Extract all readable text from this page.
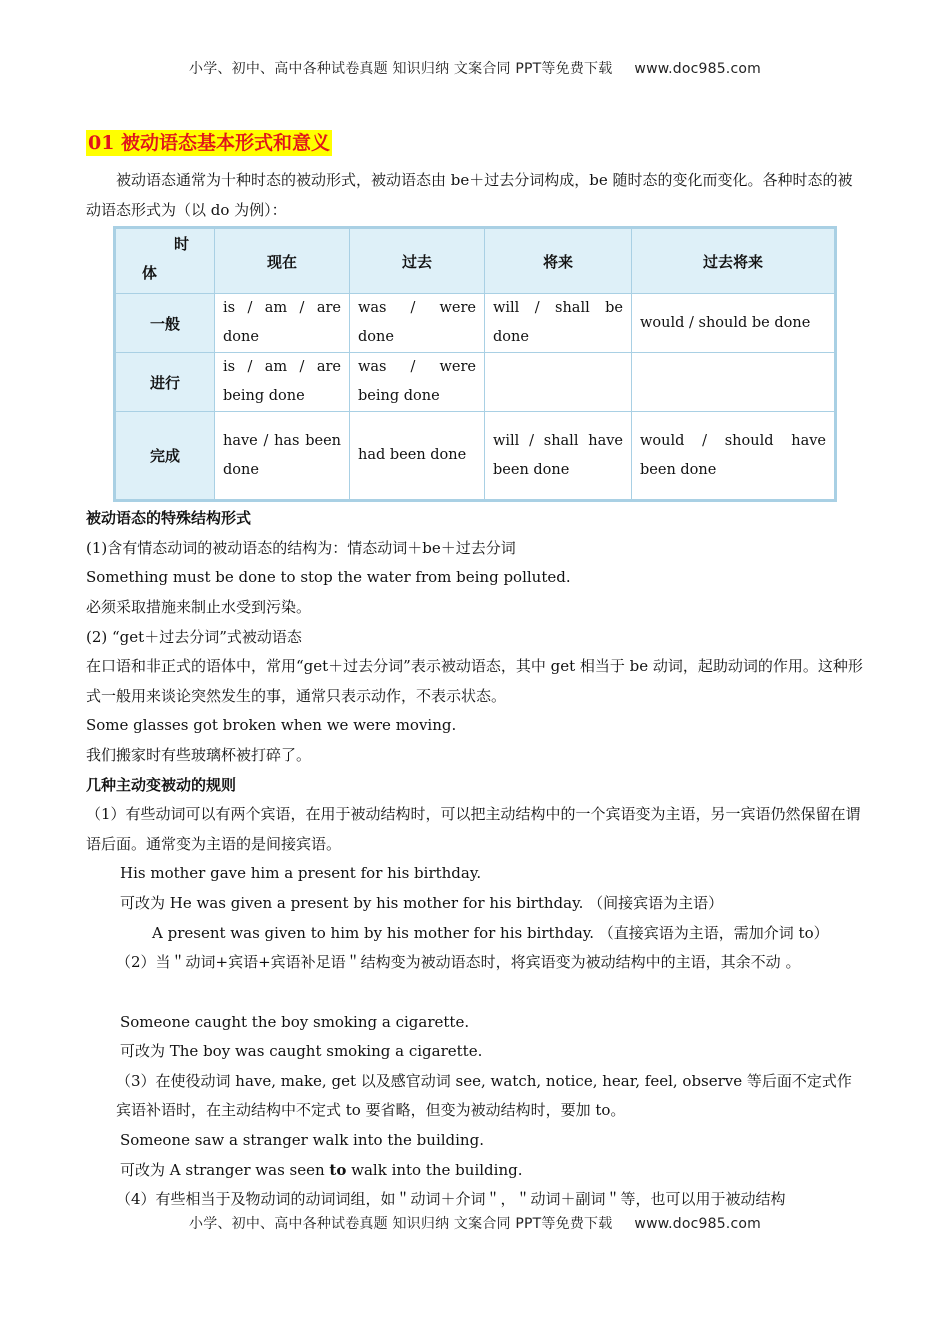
小学、初中、高中各种试卷真题 知识归纳 文案合同 PPT等免费下载 www.doc985.com
01 被动语态基本形式和意义

被动语态通常为十种时态的被动形式，被动语态由 be＋过去分词构成，be 随时态的变化而变化。各种时态的被动语态形式为（以 do 为例）：

时
体	现在	过去	将来	过去将来
一般	is / am / are done	was / were done	will / shall be done	would / should be done
进行	is / am / are being done	was / were being done		
完成	have / has been done	had been done	will / shall have been done	would / should have been done

被动语态的特殊结构形式

(1)含有情态动词的被动语态的结构为：情态动词＋be＋过去分词

Something must be done to stop the water from being polluted.

必须采取措施来制止水受到污染。

(2) “get＋过去分词”式被动语态

在口语和非正式的语体中，常用“get＋过去分词”表示被动语态，其中 get 相当于 be 动词，起助动词的作用。这种形式一般用来谈论突然发生的事，通常只表示动作，不表示状态。

Some glasses got broken when we were moving.

我们搬家时有些玻璃杯被打碎了。

几种主动变被动的规则

（1）有些动词可以有两个宾语，在用于被动结构时，可以把主动结构中的一个宾语变为主语，另一宾语仍然保留在谓语后面。通常变为主语的是间接宾语。

His mother gave him a present for his birthday.

可改为 He was given a present by his mother for his birthday. （间接宾语为主语）

A present was given to him by his mother for his birthday. （直接宾语为主语，需加介词 to）

（2）当＂动词+宾语+宾语补足语＂结构变为被动语态时，将宾语变为被动结构中的主语，其余不动 。

Someone caught the boy smoking a cigarette.

可改为 The boy was caught smoking a cigarette.

（3）在使役动词 have, make, get 以及感官动词 see, watch, notice, hear, feel, observe 等后面不定式作宾语补语时，在主动结构中不定式 to 要省略，但变为被动结构时，要加 to。

Someone saw a stranger walk into the building.

可改为 A stranger was seen to walk into the building.

（4）有些相当于及物动词的动词词组，如＂动词＋介词＂，＂动词＋副词＂等，也可以用于被动结构

小学、初中、高中各种试卷真题 知识归纳 文案合同 PPT等免费下载 www.doc985.com
